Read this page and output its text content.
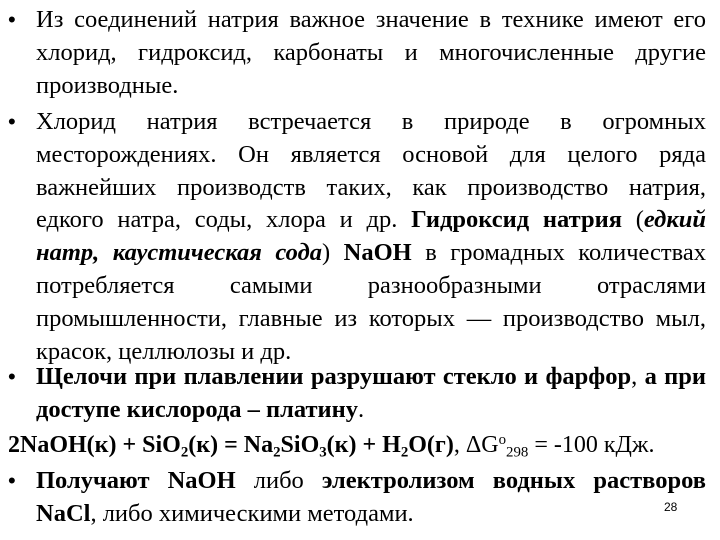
• Из соединений натрия важное значение в технике имеют его хлорид, гидроксид, карбонаты и многочисленные другие производные.
• Хлорид натрия встречается в природе в огромных месторождениях. Он является основой для целого ряда важнейших производств таких, как производство натрия, едкого натра, соды, хлора и др. Гидроксид натрия (едкий натр, каустическая сода) NaOH в громадных количествах потребляется самыми разнообразными отраслями промышленности, главные из которых — производство мыл, красок, целлюлозы и др.
• Щелочи при плавлении разрушают стекло и фарфор, а при доступе кислорода – платину.
2NaOH(к) + $SiO_2(к) = Na_2SiO_3(к) + H_2O(г)$, $\Delta G^o_{298} = -100$ кДж.
• Получают NaOH либо электролизом водных растворов NaCl, либо химическими методами.	28
